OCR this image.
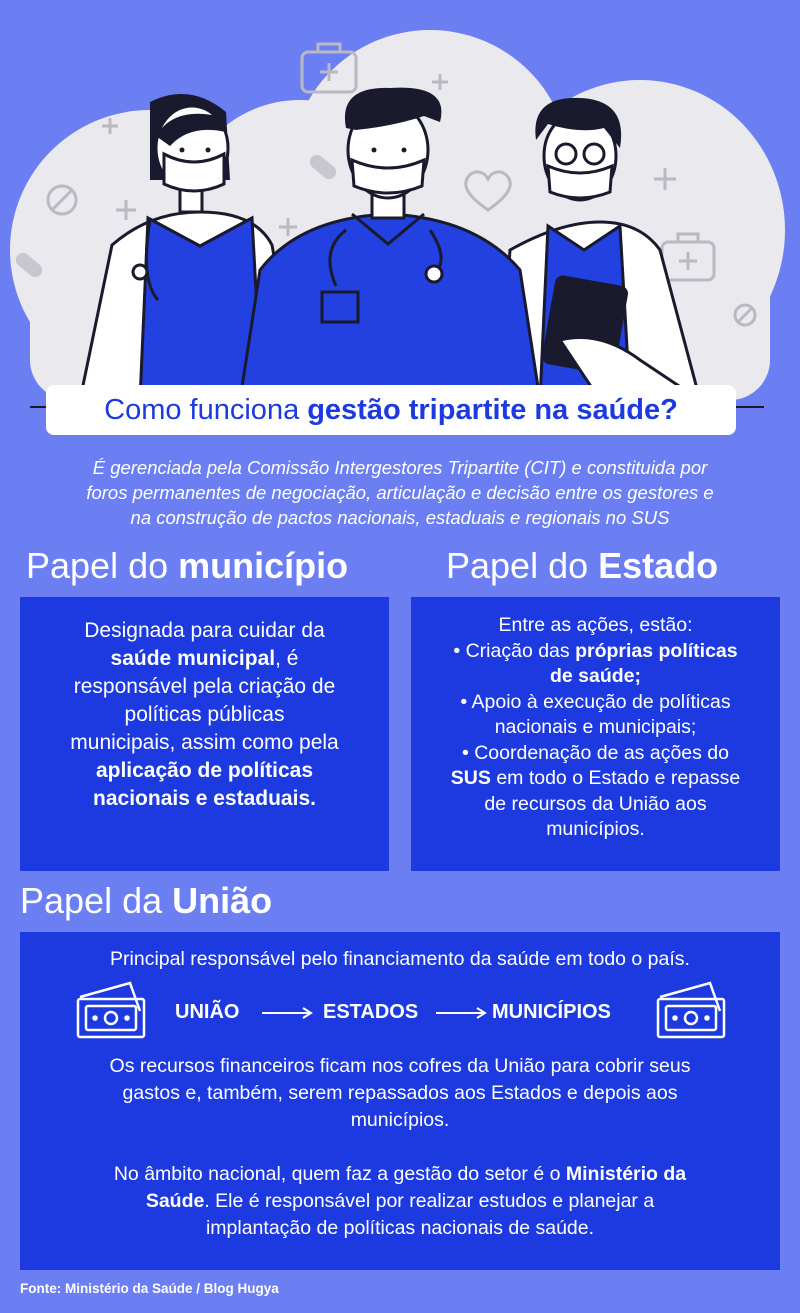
Como funciona gestão tripartite na saúde?
É gerenciada pela Comissão Intergestores Tripartite (CIT) e constituida por
foros permanentes de negociação, articulação e decisão entre os gestores e
na construção de pactos nacionais, estaduais e regionais no SUS
Papel do município

Designada para cuidar da

saúde municipal, é

responsável pela criação de

políticas públicas

municipais, assim como pela

aplicação de políticas

nacionais e estaduais.

Papel do Estado

Entre as ações, estão:

• Criação das próprias políticas

de saúde;

• Apoio à execução de políticas

nacionais e municipais;

• Coordenação de as ações do

SUS em todo o Estado e repasse

de recursos da União aos

municípios.

Papel da União

Principal responsável pelo financiamento da saúde em todo o país.

Os recursos financeiros ficam nos cofres da União para cobrir seus

gastos e, também, serem repassados aos Estados e depois aos

municípios.

No âmbito nacional, quem faz a gestão do setor é o Ministério da

Saúde. Ele é responsável por realizar estudos e planejar a

implantação de políticas nacionais de saúde.

UNIÃO	ESTADOS	MUNICÍPIOS
Fonte: Ministério da Saúde / Blog Hugya
